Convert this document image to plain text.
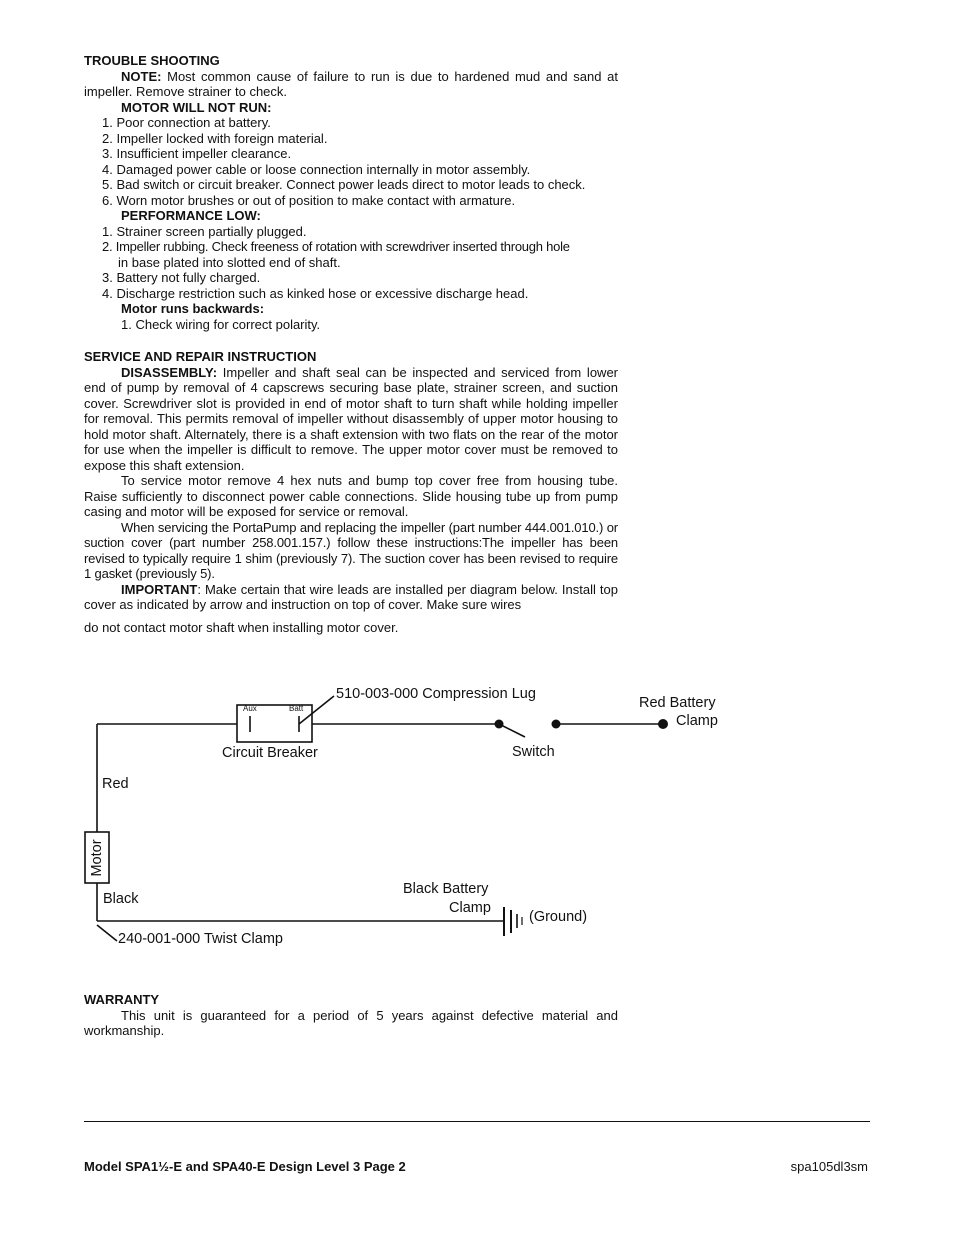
TROUBLE SHOOTING

NOTE: Most common cause of failure to run is due to hardened mud and sand at impeller. Remove strainer to check.

MOTOR WILL NOT RUN:

1. Poor connection at battery.

2. Impeller locked with foreign material.

3. Insufficient impeller clearance.

4. Damaged power cable or loose connection internally in motor assembly.

5. Bad switch or circuit breaker. Connect power leads direct to motor leads to check.

6. Worn motor brushes or out of position to make contact with armature.

PERFORMANCE LOW:

1. Strainer screen partially plugged.

2. Impeller rubbing. Check freeness of rotation with screwdriver inserted through hole

in base plated into slotted end of shaft.

3. Battery not fully charged.

4. Discharge restriction such as kinked hose or excessive discharge head.

Motor runs backwards:

1. Check wiring for correct polarity.

SERVICE AND REPAIR INSTRUCTION

DISASSEMBLY: Impeller and shaft seal can be inspected and serviced from lower end of pump by removal of 4 capscrews securing base plate, strainer screen, and suction cover. Screwdriver slot is provided in end of motor shaft to turn shaft while holding impeller for removal. This permits removal of impeller without disassembly of upper motor housing to hold motor shaft. Alternately, there is a shaft extension with two flats on the rear of the motor for use when the impeller is difficult to remove. The upper motor cover must be removed to expose this shaft extension.

To service motor remove 4 hex nuts and bump top cover free from housing tube. Raise sufficiently to disconnect power cable connections. Slide housing tube up from pump casing and motor will be exposed for service or removal.

When servicing the PortaPump and replacing the impeller (part number 444.001.010.) or suction cover (part number 258.001.157.) follow these instructions:The impeller has been revised to typically require 1 shim (previously 7). The suction cover has been revised to require 1 gasket (previously 5).

IMPORTANT: Make certain that wire leads are installed per diagram below. Install top cover as indicated by arrow and instruction on top of cover. Make sure wires

do not contact motor shaft when installing motor cover.

Aux	Batt
510-003-000 Compression Lug
Red Battery
Clamp
Circuit Breaker	Switch
Red
Motor
Black
Black Battery
Clamp
(Ground)
240-001-000 Twist Clamp

WARRANTY

This unit is guaranteed for a period of 5 years against defective material and workmanship.

Model SPA1½-E and SPA40-E Design Level 3 Page 2	spa105dl3sm
